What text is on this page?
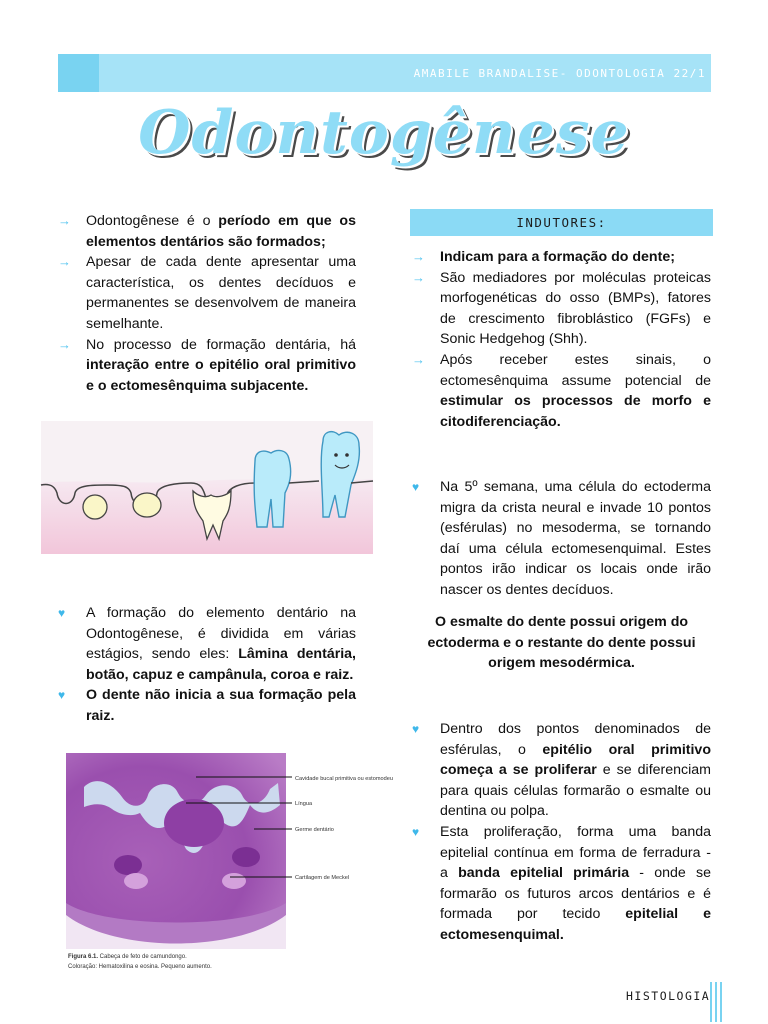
AMABILE BRANDALISE- ODONTOLOGIA 22/1
Odontogênese
→ Odontogênese é o período em que os elementos dentários são formados;
→ Apesar de cada dente apresentar uma característica, os dentes decíduos e permanentes se desenvolvem de maneira semelhante.
→ No processo de formação dentária, há interação entre o epitélio oral primitivo e o ectomesênquima subjacente.
♥ A formação do elemento dentário na Odontogênese, é dividida em várias estágios, sendo eles: Lâmina dentária, botão, capuz e campânula, coroa e raiz.
♥ O dente não inicia a sua formação pela raiz.
Cavidade bucal primitiva ou estomodeu
Língua
Germe dentário
Cartilagem de Meckel
Figura 6.1. Cabeça de feto de camundongo.
Coloração: Hematoxilina e eosina. Pequeno aumento.
INDUTORES:
→ Indicam para a formação do dente;
→ São mediadores por moléculas proteicas morfogenéticas do osso (BMPs), fatores de crescimento fibroblástico (FGFs) e Sonic Hedgehog (Shh).
→ Após receber estes sinais, o ectomesênquima assume potencial de estimular os processos de morfo e citodiferenciação.
♥ Na 5º semana, uma célula do ectoderma migra da crista neural e invade 10 pontos (esférulas) no mesoderma, se tornando daí uma célula ectomesenquimal. Estes pontos irão indicar os locais onde irão nascer os dentes decíduos.
O esmalte do dente possui origem do ectoderma e o restante do dente possui origem mesodérmica.
♥ Dentro dos pontos denominados de esférulas, o epitélio oral primitivo começa a se proliferar e se diferenciam para quais células formarão o esmalte ou dentina ou polpa.
♥ Esta proliferação, forma uma banda epitelial contínua em forma de ferradura - a banda epitelial primária - onde se formarão os futuros arcos dentários e é formada por tecido epitelial e ectomesenquimal.
HISTOLOGIA
